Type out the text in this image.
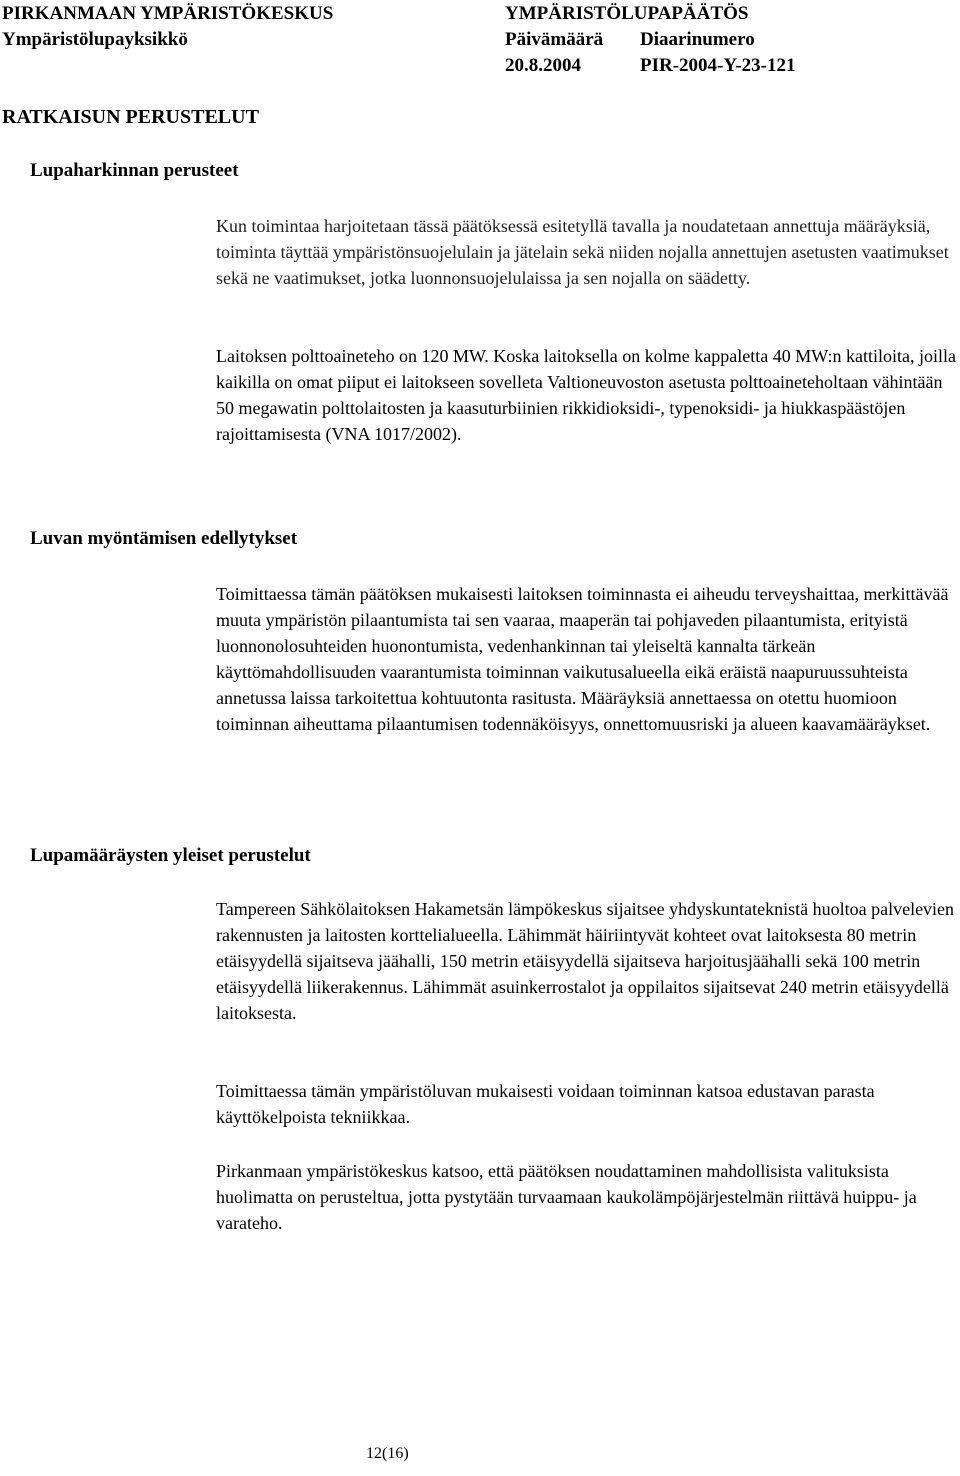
PIRKANMAAN YMPÄRISTÖKESKUS
Ympäristölupayksikkö
YMPÄRISTÖLUPAPÄÄTÖS
Päivämäärä Diaarinumero
20.8.2004	PIR-2004-Y-23-121
RATKAISUN PERUSTELUT
Lupaharkinnan perusteet
Kun toimintaa harjoitetaan tässä päätöksessä esitetyllä tavalla ja noudatetaan annettuja määräyksiä, toiminta täyttää ympäristönsuojelulain ja jätelain sekä niiden nojalla annettujen asetusten vaatimukset sekä ne vaatimukset, jotka luonnonsuojelulaissa ja sen nojalla on säädetty.
Laitoksen polttoaineteho on 120 MW. Koska laitoksella on kolme kappaletta 40 MW:n kattiloita, joilla kaikilla on omat piiput ei laitokseen sovelleta Valtioneuvoston asetusta polttoaineteholtaan vähintään 50 megawatin polttolaitosten ja kaasuturbiinien rikkidioksidi-, typenoksidi- ja hiukkaspäästöjen rajoittamisesta (VNA 1017/2002).
Luvan myöntämisen edellytykset
Toimittaessa tämän päätöksen mukaisesti laitoksen toiminnasta ei aiheudu terveyshaittaa, merkittävää muuta ympäristön pilaantumista tai sen vaaraa, maaperän tai pohjaveden pilaantumista, erityistä luonnonolosuhteiden huonontumista, vedenhankinnan tai yleiseltä kannalta tärkeän käyttömahdollisuuden vaarantumista toiminnan vaikutusalueella eikä eräistä naapuruussuhteista annetussa laissa tarkoitettua kohtuutonta rasitusta. Määräyksiä annettaessa on otettu huomioon toiminnan aiheuttama pilaantumisen todennäköisyys, onnettomuusriski ja alueen kaavamääräykset.
Lupamääräysten yleiset perustelut
Tampereen Sähkölaitoksen Hakametsän lämpökeskus sijaitsee yhdyskuntateknistä huoltoa palvelevien rakennusten ja laitosten korttelialueella. Lähimmät häiriintyvät kohteet ovat laitoksesta 80 metrin etäisyydellä sijaitseva jäähalli, 150 metrin etäisyydellä sijaitseva harjoitusjäähalli sekä 100 metrin etäisyydellä liikerakennus. Lähimmät asuinkerrostalot ja oppilaitos sijaitsevat 240 metrin etäisyydellä laitoksesta.
Toimittaessa tämän ympäristöluvan mukaisesti voidaan toiminnan katsoa edustavan parasta käyttökelpoista tekniikkaa.
Pirkanmaan ympäristökeskus katsoo, että päätöksen noudattaminen mahdollisista valituksista huolimatta on perusteltua, jotta pystytään turvaamaan kaukolämpöjärjestelmän riittävä huippu- ja varateho.
12(16)
